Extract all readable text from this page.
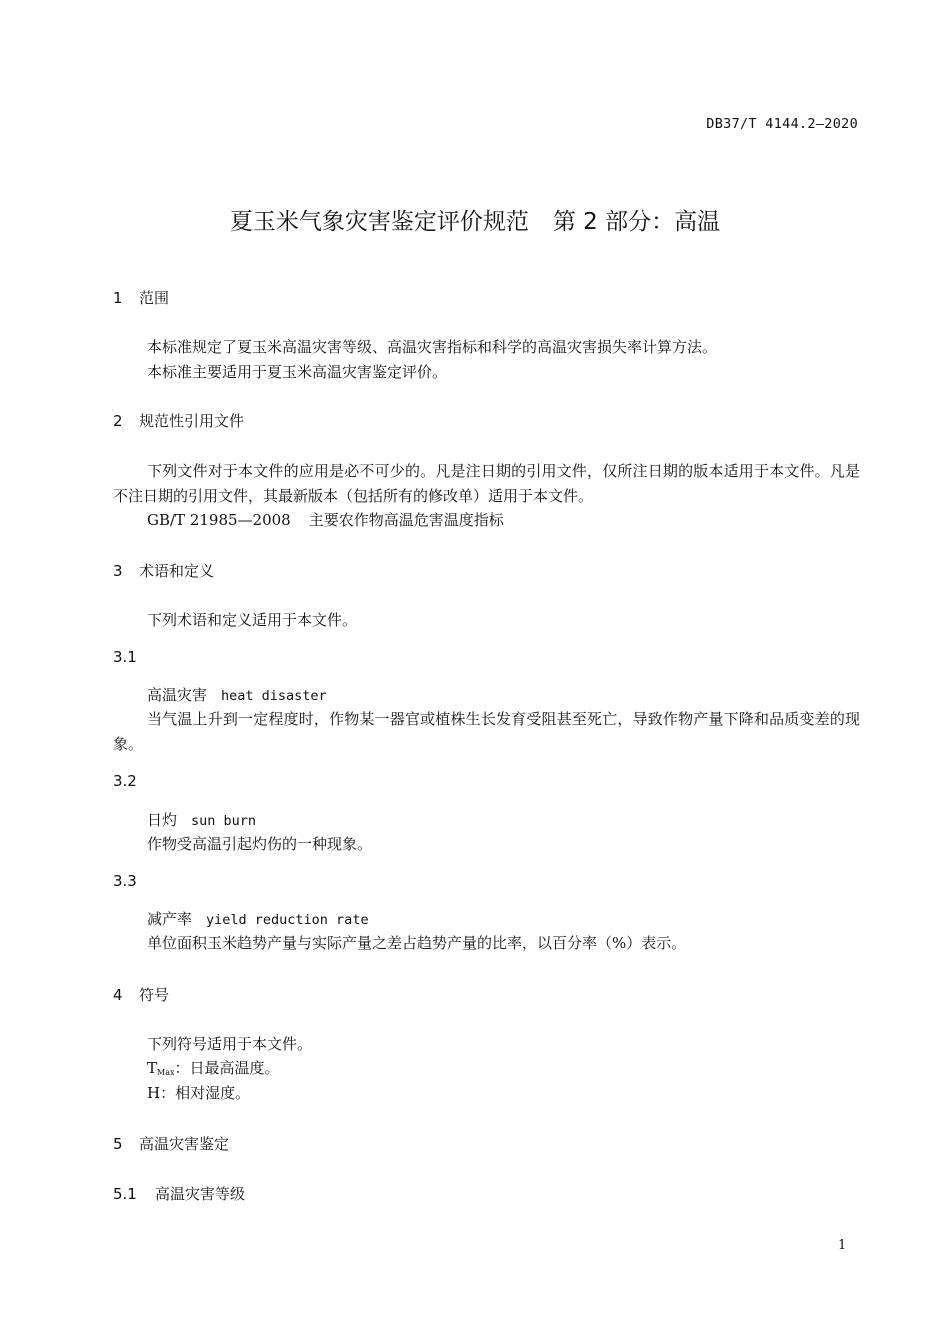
DB37/T 4144.2—2020
夏玉米气象灾害鉴定评价规范 第 2 部分：高温
1 范围
本标准规定了夏玉米高温灾害等级、高温灾害指标和科学的高温灾害损失率计算方法。
本标准主要适用于夏玉米高温灾害鉴定评价。
2 规范性引用文件
下列文件对于本文件的应用是必不可少的。凡是注日期的引用文件，仅所注日期的版本适用于本文件。凡是不注日期的引用文件，其最新版本（包括所有的修改单）适用于本文件。
GB/T 21985—2008 主要农作物高温危害温度指标
3 术语和定义
下列术语和定义适用于本文件。
3.1
高温灾害 heat disaster
当气温上升到一定程度时，作物某一器官或植株生长发育受阻甚至死亡，导致作物产量下降和品质变差的现象。
3.2
日灼 sun burn
作物受高温引起灼伤的一种现象。
3.3
减产率 yield reduction rate
单位面积玉米趋势产量与实际产量之差占趋势产量的比率，以百分率（%）表示。
4 符号
下列符号适用于本文件。
$T_{Max}$：日最高温度。
H：相对湿度。
5 高温灾害鉴定
5.1 高温灾害等级
1
